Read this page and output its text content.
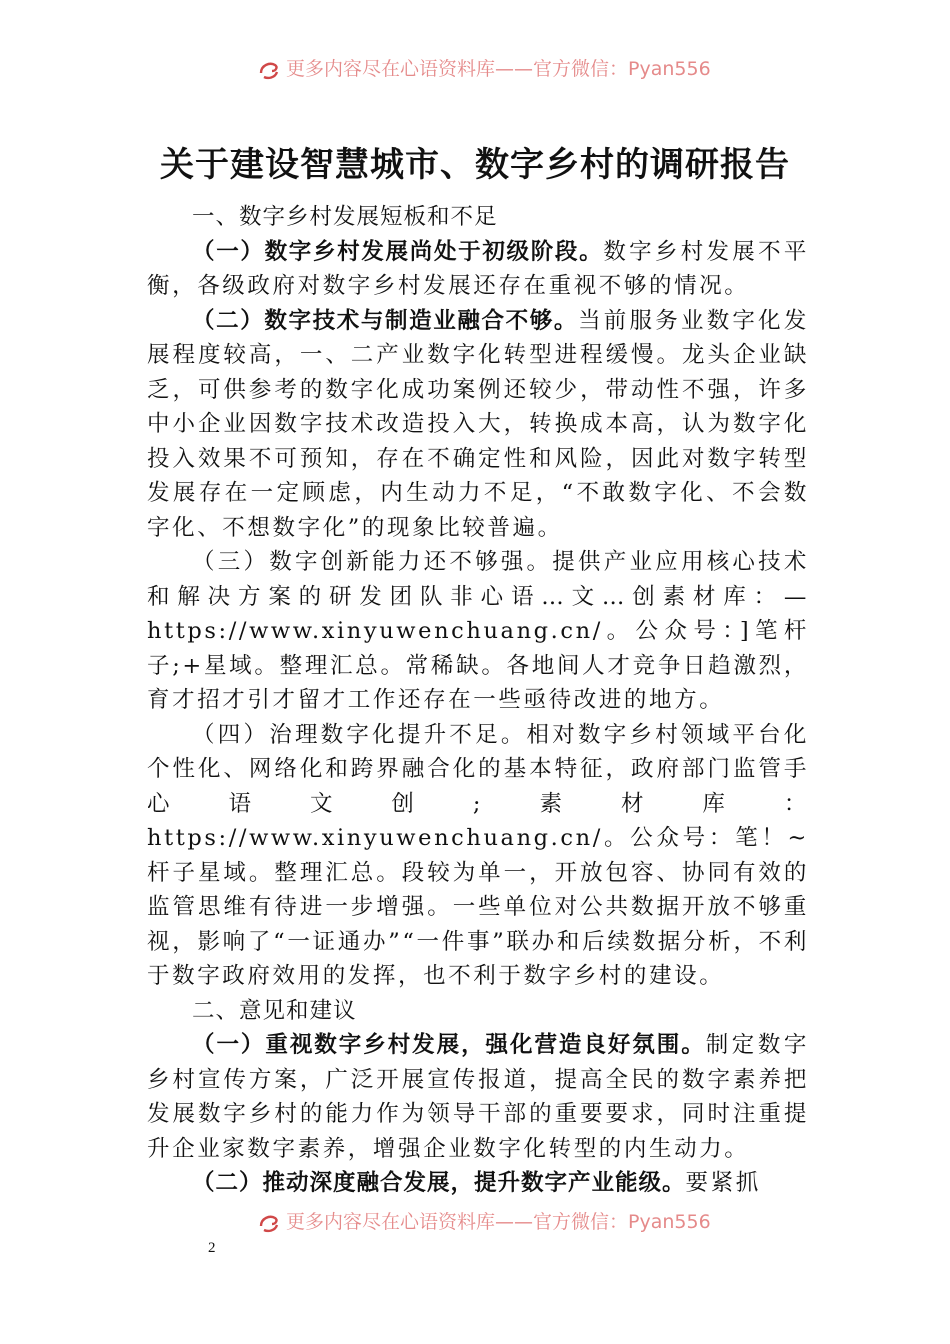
更多内容尽在心语资料库——官方微信：Pyan556
关于建设智慧城市、数字乡村的调研报告

一、数字乡村发展短板和不足

（一）数字乡村发展尚处于初级阶段。数字乡村发展不平衡，各级政府对数字乡村发展还存在重视不够的情况。

（二）数字技术与制造业融合不够。当前服务业数字化发展程度较高，一、二产业数字化转型进程缓慢。龙头企业缺乏，可供参考的数字化成功案例还较少，带动性不强，许多中小企业因数字技术改造投入大，转换成本高，认为数字化投入效果不可预知，存在不确定性和风险，因此对数字转型发展存在一定顾虑，内生动力不足，“不敢数字化、不会数字化、不想数字化”的现象比较普遍。

（三）数字创新能力还不够强。提供产业应用核心技术和解决方案的研发团队非心语…文…创素材库：—https://www.xinyuwenchuang.cn/。公众号：]笔杆子;+星域。整理汇总。常稀缺。各地间人才竞争日趋激烈，育才招才引才留才工作还存在一些亟待改进的地方。

（四）治理数字化提升不足。相对数字乡村领域平台化个性化、网络化和跨界融合化的基本特征，政府部门监管手心语文创;素材库：https://www.xinyuwenchuang.cn/。公众号：笔！~杆子星域。整理汇总。段较为单一，开放包容、协同有效的监管思维有待进一步增强。一些单位对公共数据开放不够重视，影响了“一证通办”“一件事”联办和后续数据分析，不利于数字政府效用的发挥，也不利于数字乡村的建设。

二、意见和建议

（一）重视数字乡村发展，强化营造良好氛围。制定数字乡村宣传方案，广泛开展宣传报道，提高全民的数字素养把发展数字乡村的能力作为领导干部的重要要求，同时注重提升企业家数字素养，增强企业数字化转型的内生动力。

（二）推动深度融合发展，提升数字产业能级。要紧抓

更多内容尽在心语资料库——官方微信：Pyan556
2
